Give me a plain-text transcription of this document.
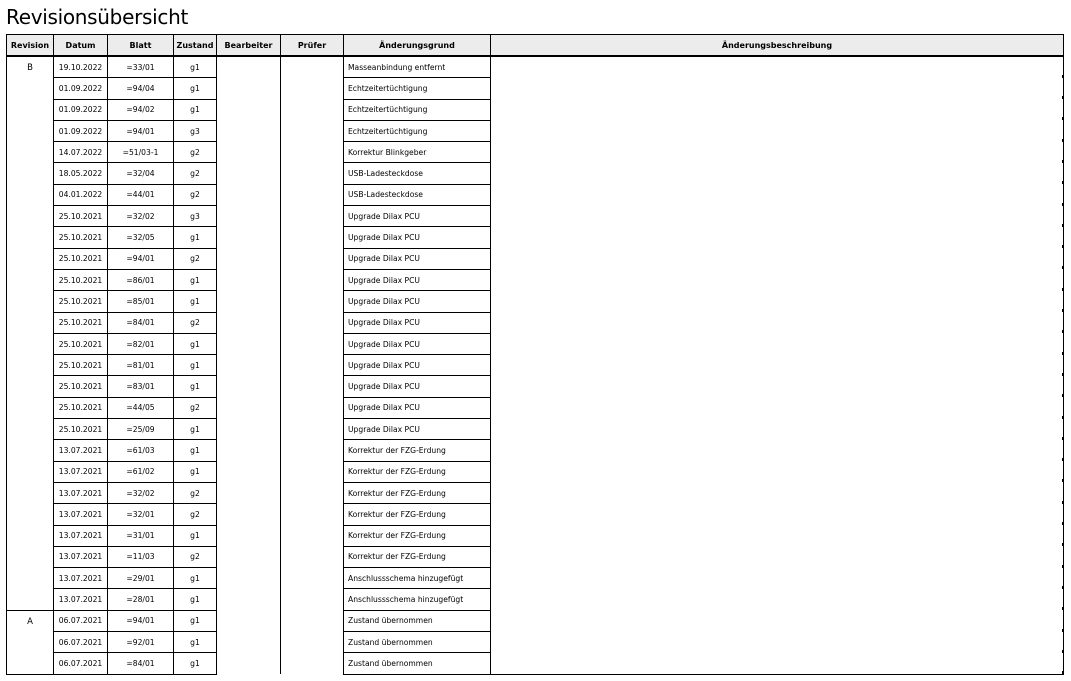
Revisionsübersicht
Revision	Datum	Blatt	Zustand	Bearbeiter	Prüfer	Änderungsgrund	Änderungsbeschreibung
B	19.10.2022	=33/01	g1			Masseanbindung entfernt	

	01.09.2022	=94/04	g1			Echtzeitertüchtigung	

	01.09.2022	=94/02	g1			Echtzeitertüchtigung	

	01.09.2022	=94/01	g3			Echtzeitertüchtigung	

	14.07.2022	=51/03-1	g2			Korrektur Blinkgeber	

	18.05.2022	=32/04	g2			USB-Ladesteckdose	

	04.01.2022	=44/01	g2			USB-Ladesteckdose	

	25.10.2021	=32/02	g3			Upgrade Dilax PCU	

	25.10.2021	=32/05	g1			Upgrade Dilax PCU	

	25.10.2021	=94/01	g2			Upgrade Dilax PCU	

	25.10.2021	=86/01	g1			Upgrade Dilax PCU	

	25.10.2021	=85/01	g1			Upgrade Dilax PCU	

	25.10.2021	=84/01	g2			Upgrade Dilax PCU	

	25.10.2021	=82/01	g1			Upgrade Dilax PCU	

	25.10.2021	=81/01	g1			Upgrade Dilax PCU	

	25.10.2021	=83/01	g1			Upgrade Dilax PCU	

	25.10.2021	=44/05	g2			Upgrade Dilax PCU	

	25.10.2021	=25/09	g1			Upgrade Dilax PCU	

	13.07.2021	=61/03	g1			Korrektur der FZG-Erdung	

	13.07.2021	=61/02	g1			Korrektur der FZG-Erdung	

	13.07.2021	=32/02	g2			Korrektur der FZG-Erdung	

	13.07.2021	=32/01	g2			Korrektur der FZG-Erdung	

	13.07.2021	=31/01	g1			Korrektur der FZG-Erdung	

	13.07.2021	=11/03	g2			Korrektur der FZG-Erdung	

	13.07.2021	=29/01	g1			Anschlussschema hinzugefügt	

	13.07.2021	=28/01	g1			Anschlussschema hinzugefügt	

A	06.07.2021	=94/01	g1			Zustand übernommen	

	06.07.2021	=92/01	g1			Zustand übernommen	

	06.07.2021	=84/01	g1			Zustand übernommen	
